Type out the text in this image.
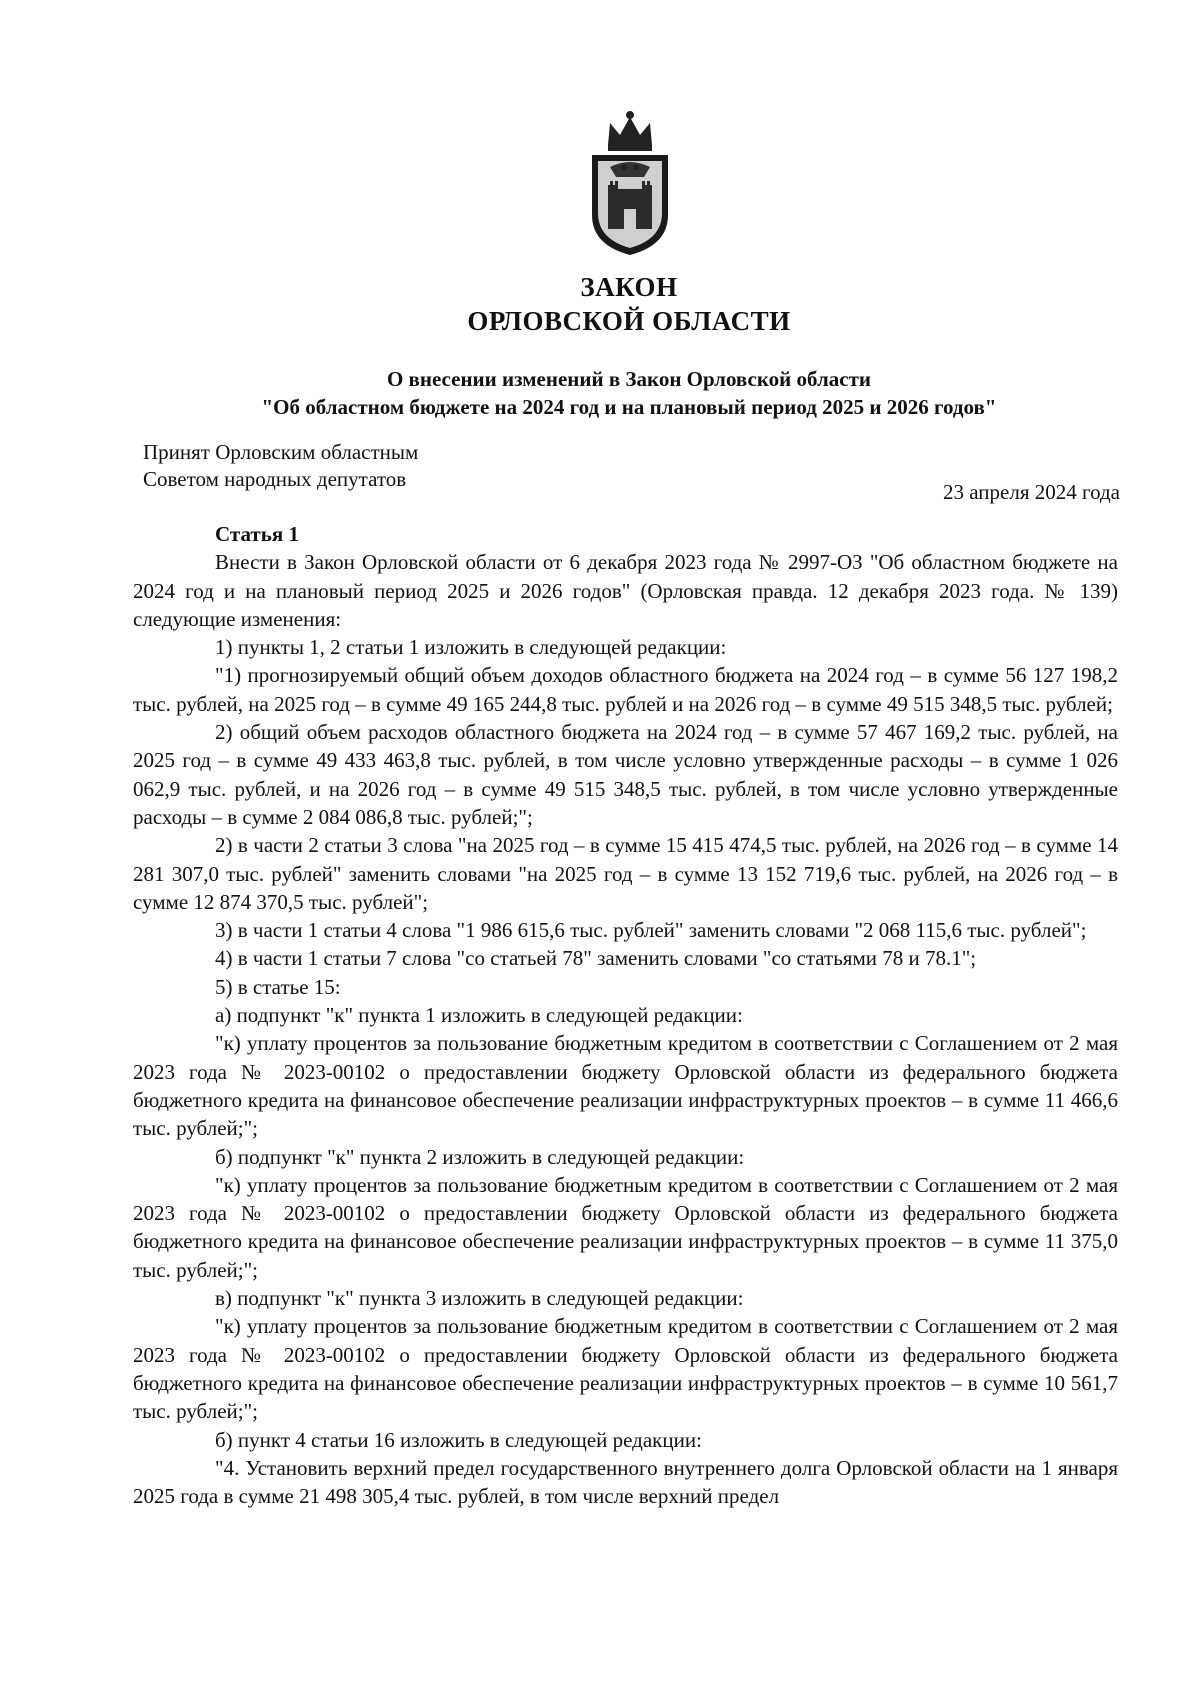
ЗАКОН
ОРЛОВСКОЙ ОБЛАСТИ
О внесении изменений в Закон Орловской области
"Об областном бюджете на 2024 год и на плановый период 2025 и 2026 годов"
Принят Орловским областным
Советом народных депутатов
23 апреля 2024 года
Статья 1

Внести в Закон Орловской области от 6 декабря 2023 года № 2997-ОЗ "Об областном бюджете на 2024 год и на плановый период 2025 и 2026 годов" (Орловская правда. 12 декабря 2023 года. № 139) следующие изменения:

1) пункты 1, 2 статьи 1 изложить в следующей редакции:

"1) прогнозируемый общий объем доходов областного бюджета на 2024 год – в сумме 56 127 198,2 тыс. рублей, на 2025 год – в сумме 49 165 244,8 тыс. рублей и на 2026 год – в сумме 49 515 348,5 тыс. рублей;

2) общий объем расходов областного бюджета на 2024 год – в сумме 57 467 169,2 тыс. рублей, на 2025 год – в сумме 49 433 463,8 тыс. рублей, в том числе условно утвержденные расходы – в сумме 1 026 062,9 тыс. рублей, и на 2026 год – в сумме 49 515 348,5 тыс. рублей, в том числе условно утвержденные расходы – в сумме 2 084 086,8 тыс. рублей;";

2) в части 2 статьи 3 слова "на 2025 год – в сумме 15 415 474,5 тыс. рублей, на 2026 год – в сумме 14 281 307,0 тыс. рублей" заменить словами "на 2025 год – в сумме 13 152 719,6 тыс. рублей, на 2026 год – в сумме 12 874 370,5 тыс. рублей";

3) в части 1 статьи 4 слова "1 986 615,6 тыс. рублей" заменить словами "2 068 115,6 тыс. рублей";

4) в части 1 статьи 7 слова "со статьей 78" заменить словами "со статьями 78 и 78.1";

5) в статье 15:

а) подпункт "к" пункта 1 изложить в следующей редакции:

"к) уплату процентов за пользование бюджетным кредитом в соответствии с Соглашением от 2 мая 2023 года № 2023-00102 о предоставлении бюджету Орловской области из федерального бюджета бюджетного кредита на финансовое обеспечение реализации инфраструктурных проектов – в сумме 11 466,6 тыс. рублей;";

б) подпункт "к" пункта 2 изложить в следующей редакции:

"к) уплату процентов за пользование бюджетным кредитом в соответствии с Соглашением от 2 мая 2023 года № 2023-00102 о предоставлении бюджету Орловской области из федерального бюджета бюджетного кредита на финансовое обеспечение реализации инфраструктурных проектов – в сумме 11 375,0 тыс. рублей;";

в) подпункт "к" пункта 3 изложить в следующей редакции:

"к) уплату процентов за пользование бюджетным кредитом в соответствии с Соглашением от 2 мая 2023 года № 2023-00102 о предоставлении бюджету Орловской области из федерального бюджета бюджетного кредита на финансовое обеспечение реализации инфраструктурных проектов – в сумме 10 561,7 тыс. рублей;";

б) пункт 4 статьи 16 изложить в следующей редакции:

"4. Установить верхний предел государственного внутреннего долга Орловской области на 1 января 2025 года в сумме 21 498 305,4 тыс. рублей, в том числе верхний предел
